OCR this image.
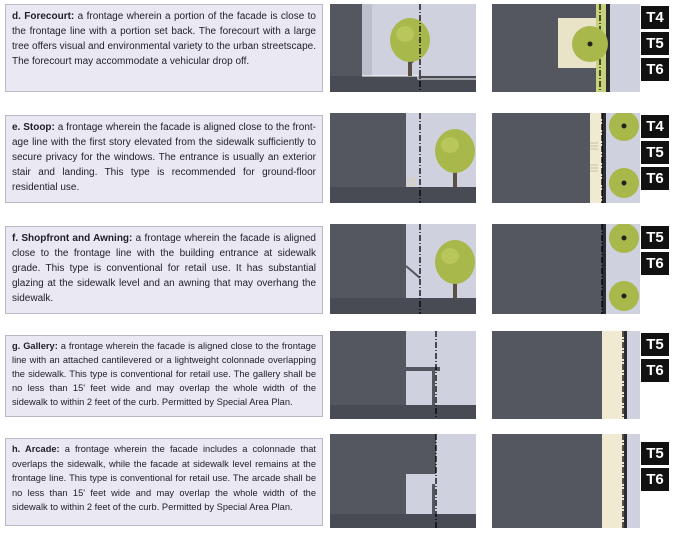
d. Forecourt: a frontage wherein a portion of the facade is close to the frontage line with a portion set back. The forecourt with a large tree offers visual and environmental variety to the urban streetscape. The forecourt may accommodate a vehicular drop off.
T4
T5
T6
e. Stoop: a frontage wherein the facade is aligned close to the front-age line with the first story elevated from the sidewalk sufficiently to secure privacy for the windows. The entrance is usually an exterior stair and landing. This type is recommended for ground-floor residential use.
T4
T5
T6
f. Shopfront and Awning: a frontage wherein the facade is aligned close to the frontage line with the building entrance at sidewalk grade. This type is conventional for retail use. It has substantial glazing at the sidewalk level and an awning that may overhang the sidewalk.
T5
T6
g. Gallery: a frontage wherein the facade is aligned close to the frontage line with an attached cantilevered or a lightweight colonnade overlapping the sidewalk. This type is conventional for retail use. The gallery shall be no less than 15' feet wide and may overlap the whole width of the sidewalk to within 2 feet of the curb. Permitted by Special Area Plan.
T5
T6
h. Arcade: a frontage wherein the facade includes a colonnade that overlaps the sidewalk, while the facade at sidewalk level remains at the frontage line. This type is conventional for retail use. The arcade shall be no less than 15' feet wide and may overlap the whole width of the sidewalk to within 2 feet of the curb. Permitted by Special Area Plan.
T5
T6
